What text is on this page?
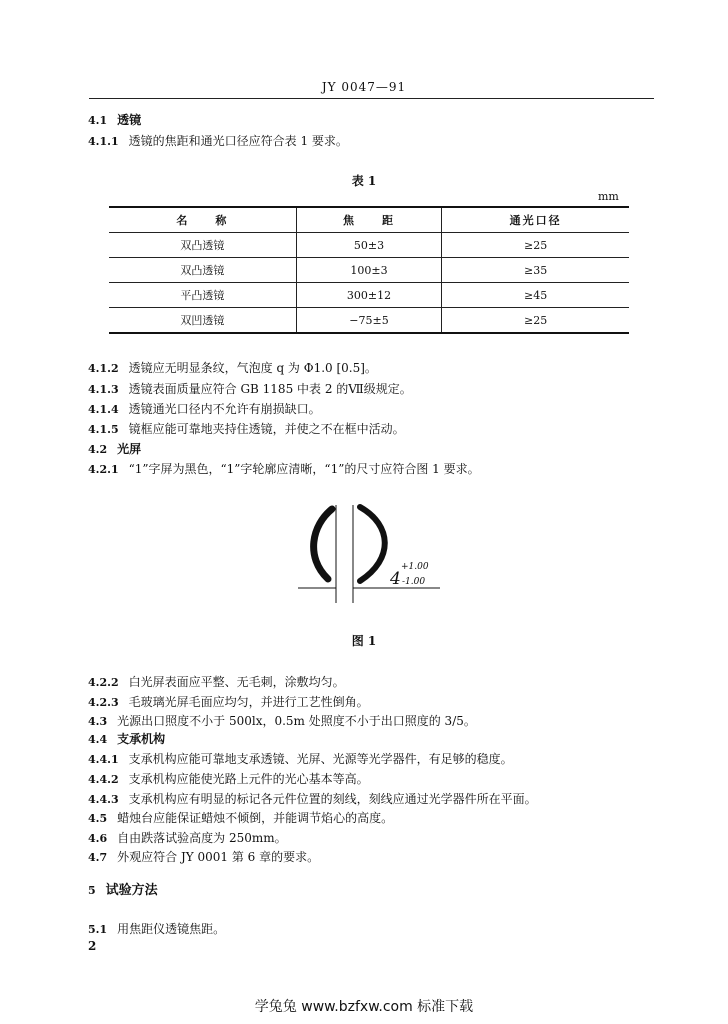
JY 0047—91
4.1 透镜
4.1.1 透镜的焦距和通光口径应符合表 1 要求。
表 1
mm
名　　称	焦　　距	通光口径
双凸透镜	50±3	≥25
双凸透镜	100±3	≥35
平凸透镜	300±12	≥45
双凹透镜	−75±5	≥25
4.1.2 透镜应无明显条纹，气泡度 q 为 Φ1.0 [0.5]。
4.1.3 透镜表面质量应符合 GB 1185 中表 2 的Ⅶ级规定。
4.1.4 透镜通光口径内不允许有崩损缺口。
4.1.5 镜框应能可靠地夹持住透镜，并使之不在框中活动。
4.2 光屏
4.2.1 “1”字屏为黑色，“1”字轮廓应清晰，“1”的尺寸应符合图 1 要求。
4
+1.00
-1.00
图 1
4.2.2 白光屏表面应平整、无毛刺，涂敷均匀。
4.2.3 毛玻璃光屏毛面应均匀，并进行工艺性倒角。
4.3 光源出口照度不小于 500lx，0.5m 处照度不小于出口照度的 3/5。
4.4 支承机构
4.4.1 支承机构应能可靠地支承透镜、光屏、光源等光学器件，有足够的稳度。
4.4.2 支承机构应能使光路上元件的光心基本等高。
4.4.3 支承机构应有明显的标记各元件位置的刻线，刻线应通过光学器件所在平面。
4.5 蜡烛台应能保证蜡烛不倾倒，并能调节焰心的高度。
4.6 自由跌落试验高度为 250mm。
4.7 外观应符合 JY 0001 第 6 章的要求。
5 试验方法
5.1 用焦距仪透镜焦距。
2
学兔兔 www.bzfxw.com 标准下载
